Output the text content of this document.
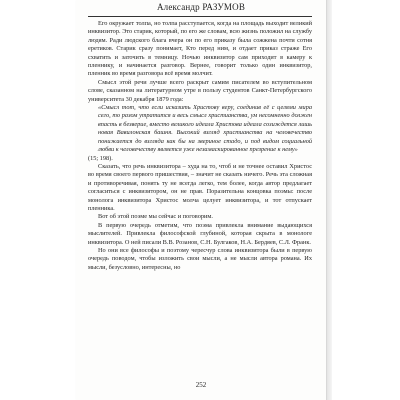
Александр РАЗУМОВ

Его окружает толпа, но толпа расступается, когда на площадь выходит великий инквизитор. Это старик, который, по его же словам, всю жизнь положил на службу людям. Ради людского блага вчера он по его приказу была сожжена почти сотня еретиков. Старик сразу понимает, Кто перед ним, и отдает приказ страже Его схватить и заточить в темницу. Ночью инквизитор сам приходит в камеру к пленнику, и начинается разговор. Вернее, говорит только один инквизитор, пленник во время разговора всё время молчит.

Смысл этой речи лучше всего раскрыт самим писателем во вступительном слове, сказанном на литературном утре в пользу студентов Санкт-Петербургского университета 30 декабря 1879 года:

«Смысл тот, что если исказить Христову веру, соединив её с целями мира сего, то разом утратится и весь смысл христианства, ум несомненно должен впасть в безверие, вместо великого идеала Христова идеала созиждется лишь новая Вавилонская башня. Высокий взгляд христианства на человечество понижается до взгляда как бы на звериное стадо, и под видом социальной любви к человечеству является уже незамаскированное презрение к нему»

(15; 198).

Сказать, что речь инквизитора – худа на то, чтоб и не точнее оставил Христос во время своего первого пришествия, – значит не сказать ничего. Речь эта сложная и противоречивая, понять ту не всегда легко, тем более, когда автор предлагает согласиться с инквизитором, он не прав. Поразительна концовка поэмы: после монолога инквизитора Христос молча целует инквизитора, и тот отпускает пленника.

Вот об этой поэме мы сейчас и поговорим.

В первую очередь отметим, что поэма привлекла внимание выдающихся мыслителей. Привлекла философской глубиной, которая скрыта в монологе инквизитора. О ней писали В.В. Розанов, С.Н. Булгаков, Н.А. Бердяев, С.Л. Франк.

Но они все философы и поэтому чересчур слова инквизитора были в первую очередь поводом, чтобы изложить свои мысли, а не мысли автора романа. Их мысли, безусловно, интересны, но

252
